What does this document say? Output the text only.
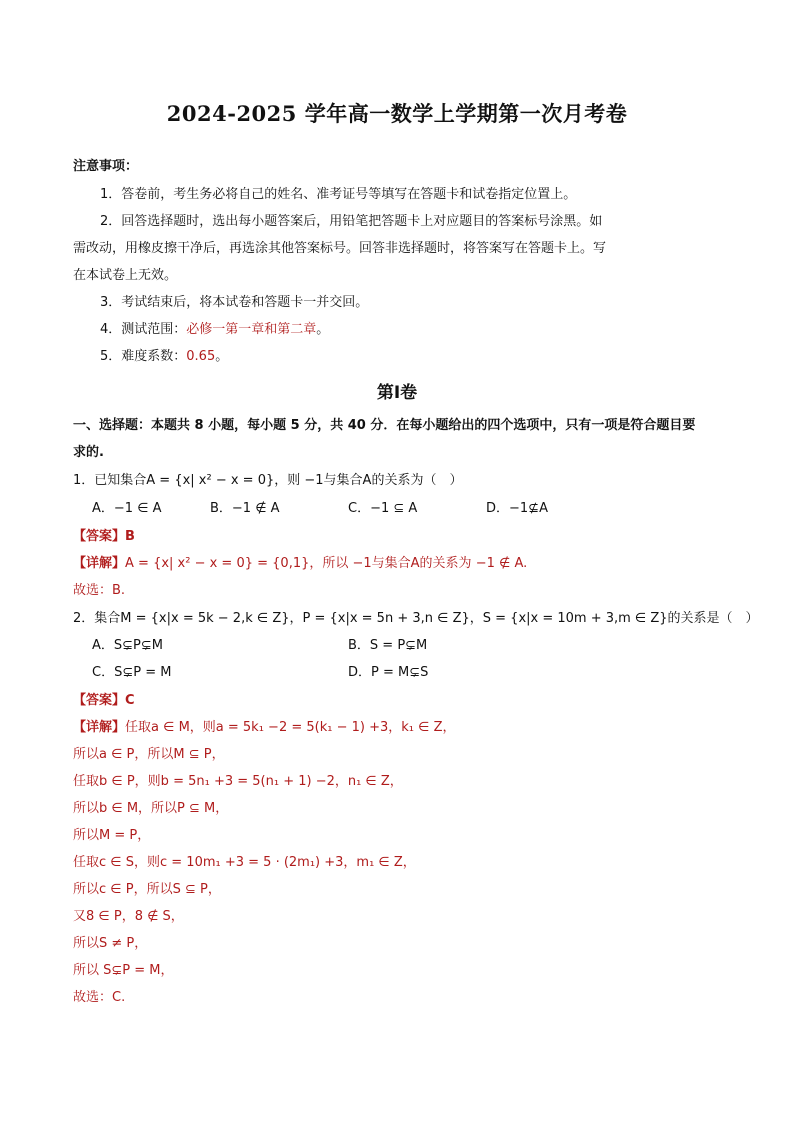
2024-2025 学年高一数学上学期第一次月考卷
注意事项：
1．答卷前，考生务必将自己的姓名、准考证号等填写在答题卡和试卷指定位置上。
2．回答选择题时，选出每小题答案后，用铅笔把答题卡上对应题目的答案标号涂黑。如
需改动，用橡皮擦干净后，再选涂其他答案标号。回答非选择题时，将答案写在答题卡上。写
在本试卷上无效。
3．考试结束后，将本试卷和答题卡一并交回。
4．测试范围：必修一第一章和第二章。
5．难度系数：0.65。
第Ⅰ卷
一、选择题：本题共 8 小题，每小题 5 分，共 40 分．在每小题给出的四个选项中，只有一项是符合题目要
求的.
1．已知集合A = {x| x² − x = 0}，则 −1与集合A的关系为（　）
A．−1 ∈ A	B．−1 ∉ A	C．−1 ⊆ A	D．−1⊈A
【答案】B
【详解】A = {x| x² − x = 0} = {0,1}，所以 −1与集合A的关系为 −1 ∉ A.
故选：B.
2．集合M = {x|x = 5k − 2,k ∈ Z}，P = {x|x = 5n + 3,n ∈ Z}，S = {x|x = 10m + 3,m ∈ Z}的关系是（　）
A．S⊊P⊊M	B．S = P⊊M
C．S⊊P = M	D．P = M⊊S
【答案】C
【详解】任取a ∈ M，则a = 5k₁ −2 = 5(k₁ − 1) +3，k₁ ∈ Z，
所以a ∈ P，所以M ⊆ P，
任取b ∈ P，则b = 5n₁ +3 = 5(n₁ + 1) −2，n₁ ∈ Z，
所以b ∈ M，所以P ⊆ M，
所以M = P，
任取c ∈ S，则c = 10m₁ +3 = 5 · (2m₁) +3，m₁ ∈ Z，
所以c ∈ P，所以S ⊆ P，
又8 ∈ P，8 ∉ S，
所以S ≠ P，
所以 S⊊P = M，
故选：C.
